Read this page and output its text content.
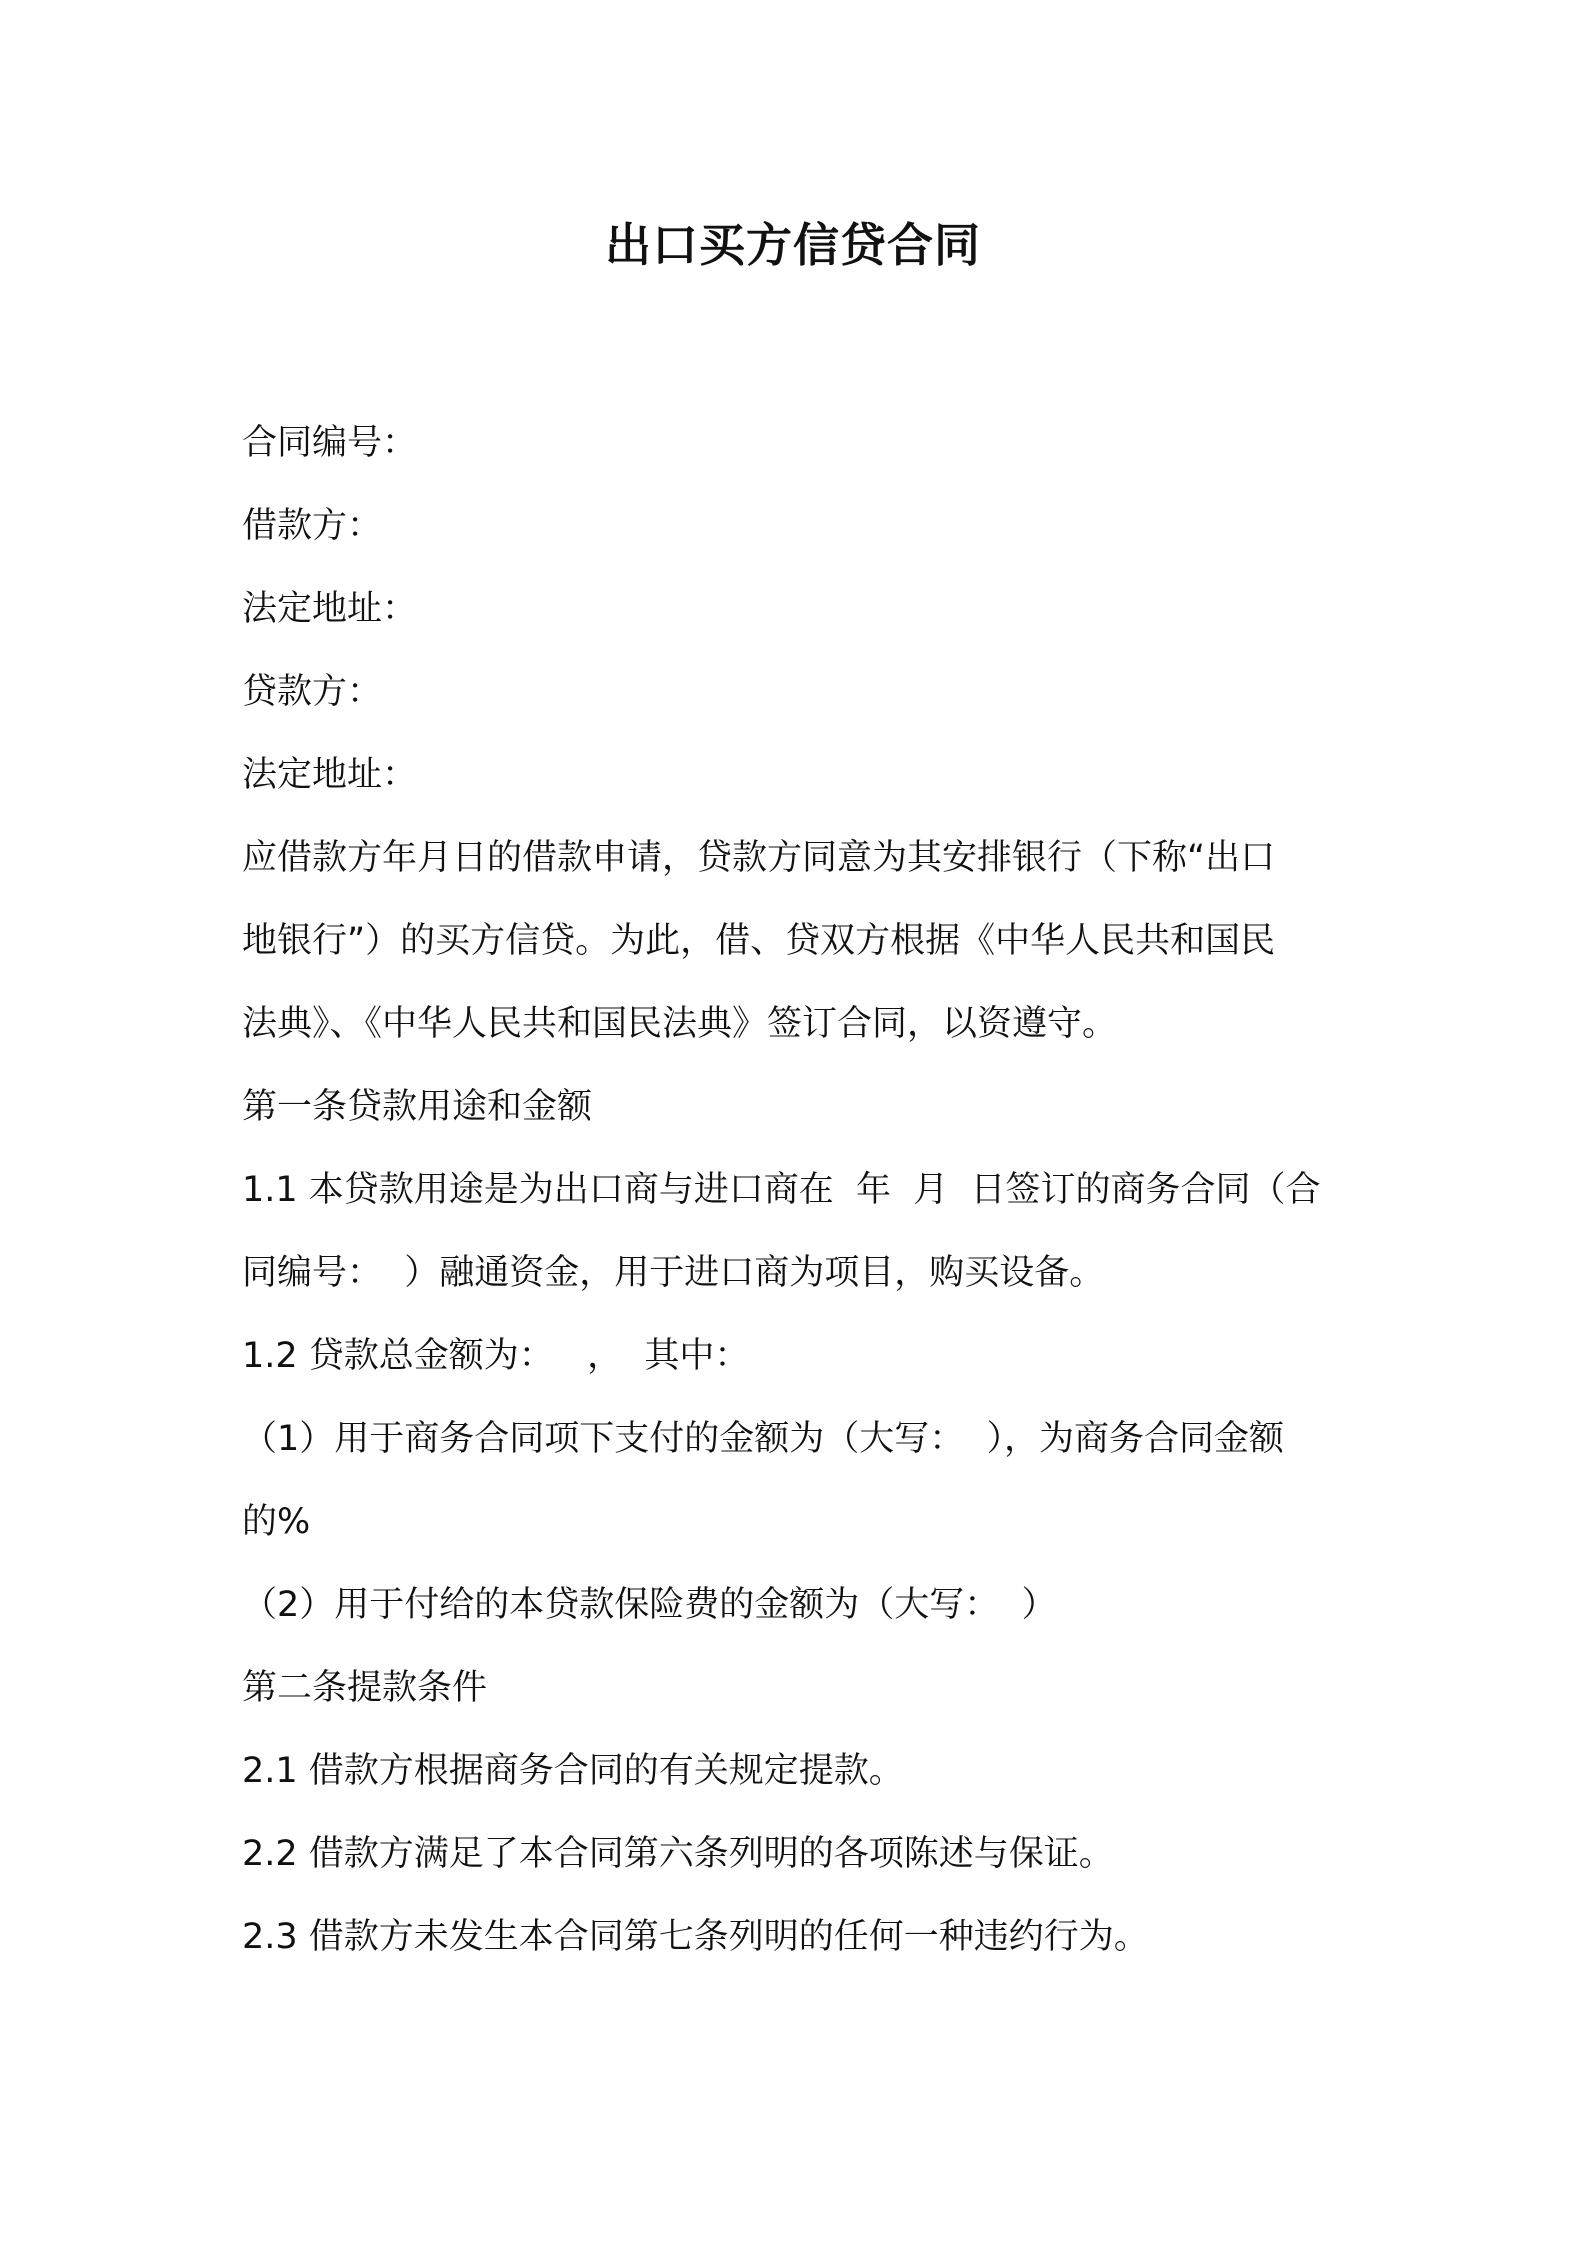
出口买方信贷合同
合同编号：
借款方：
法定地址：
贷款方：
法定地址：
应借款方年月日的借款申请，贷款方同意为其安排银行（下称“出口
地银行”）的买方信贷。为此，借、贷双方根据《中华人民共和国民
法典》、《中华人民共和国民法典》签订合同，以资遵守。
第一条贷款用途和金额
1.1 本贷款用途是为出口商与进口商在  年  月  日签订的商务合同（合
同编号：  ）融通资金，用于进口商为项目，购买设备。
1.2 贷款总金额为：   ，  其中：
（1）用于商务合同项下支付的金额为（大写：  ），为商务合同金额
的%
（2）用于付给的本贷款保险费的金额为（大写：  ）
第二条提款条件
2.1 借款方根据商务合同的有关规定提款。
2.2 借款方满足了本合同第六条列明的各项陈述与保证。
2.3 借款方未发生本合同第七条列明的任何一种违约行为。
